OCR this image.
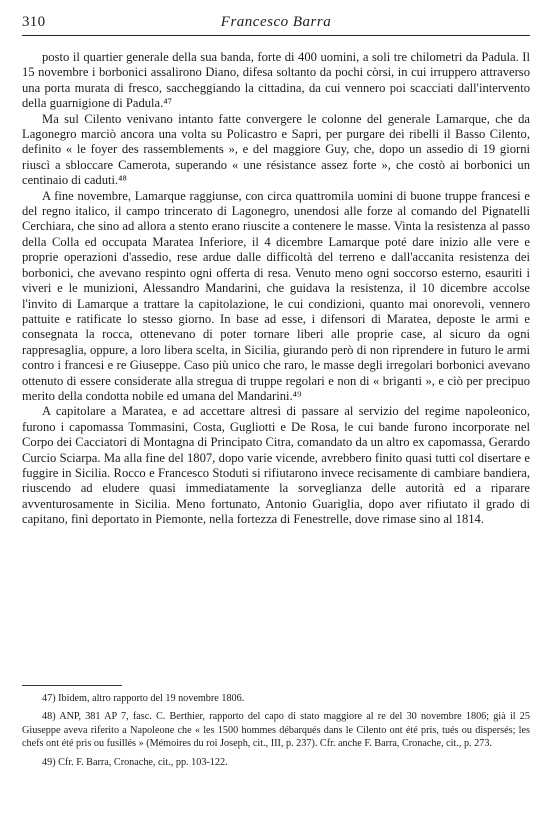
310	Francesco Barra

posto il quartier generale della sua banda, forte di 400 uomini, a soli tre chilometri da Padula. Il 15 novembre i borbonici assalirono Diano, difesa soltanto da pochi còrsi, in cui irruppero attraverso una porta murata di fresco, saccheggiando la cittadina, da cui vennero poi scacciati dall'intervento della guarnigione di Padula.⁴⁷

Ma sul Cilento venivano intanto fatte convergere le colonne del generale Lamarque, che da Lagonegro marciò ancora una volta su Policastro e Sapri, per purgare dei ribelli il Basso Cilento, definito « le foyer des rassemblements », e del maggiore Guy, che, dopo un assedio di 19 giorni riuscì a sbloccare Camerota, superando « une résistance assez forte », che costò ai borbonici un centinaio di caduti.⁴⁸

A fine novembre, Lamarque raggiunse, con circa quattromila uomini di buone truppe francesi e del regno italico, il campo trincerato di Lagonegro, unendosi alle forze al comando del Pignatelli Cerchiara, che sino ad allora a stento erano riuscite a contenere le masse. Vinta la resistenza al passo della Colla ed occupata Maratea Inferiore, il 4 dicembre Lamarque poté dare inizio alle vere e proprie operazioni d'assedio, rese ardue dalle difficoltà del terreno e dall'accanita resistenza dei borbonici, che avevano respinto ogni offerta di resa. Venuto meno ogni soccorso esterno, esauriti i viveri e le munizioni, Alessandro Mandarini, che guidava la resistenza, il 10 dicembre accolse l'invito di Lamarque a trattare la capitolazione, le cui condizioni, quanto mai onorevoli, vennero pattuite e ratificate lo stesso giorno. In base ad esse, i difensori di Maratea, deposte le armi e consegnata la rocca, ottenevano di poter tornare liberi alle proprie case, al sicuro da ogni rappresaglia, oppure, a loro libera scelta, in Sicilia, giurando però di non riprendere in futuro le armi contro i francesi e re Giuseppe. Caso più unico che raro, le masse degli irregolari borbonici avevano ottenuto di essere considerate alla stregua di truppe regolari e non di « briganti », e ciò per precipuo merito della condotta nobile ed umana del Mandarini.⁴⁹

A capitolare a Maratea, e ad accettare altresì di passare al servizio del regime napoleonico, furono i capomassa Tommasini, Costa, Gugliotti e De Rosa, le cui bande furono incorporate nel Corpo dei Cacciatori di Montagna di Principato Citra, comandato da un altro ex capomassa, Gerardo Curcio Sciarpa. Ma alla fine del 1807, dopo varie vicende, avrebbero finito quasi tutti col disertare e fuggire in Sicilia. Rocco e Francesco Stoduti si rifiutarono invece recisamente di cambiare bandiera, riuscendo ad eludere quasi immediatamente la sorveglianza delle autorità ed a riparare avventurosamente in Sicilia. Meno fortunato, Antonio Guariglia, dopo aver rifiutato il grado di capitano, finì deportato in Piemonte, nella fortezza di Fenestrelle, dove rimase sino al 1814.

47) Ibidem, altro rapporto del 19 novembre 1806.

48) ANP, 381 AP 7, fasc. C. Berthier, rapporto del capo di stato maggiore al re del 30 novembre 1806; già il 25 Giuseppe aveva riferito a Napoleone che « les 1500 hommes débarqués dans le Cilento ont été pris, tués ou dispersés; les chefs ont été pris ou fusillés » (Mémoires du roi Joseph, cit., III, p. 237). Cfr. anche F. Barra, Cronache, cit., p. 273.

49) Cfr. F. Barra, Cronache, cit., pp. 103-122.
